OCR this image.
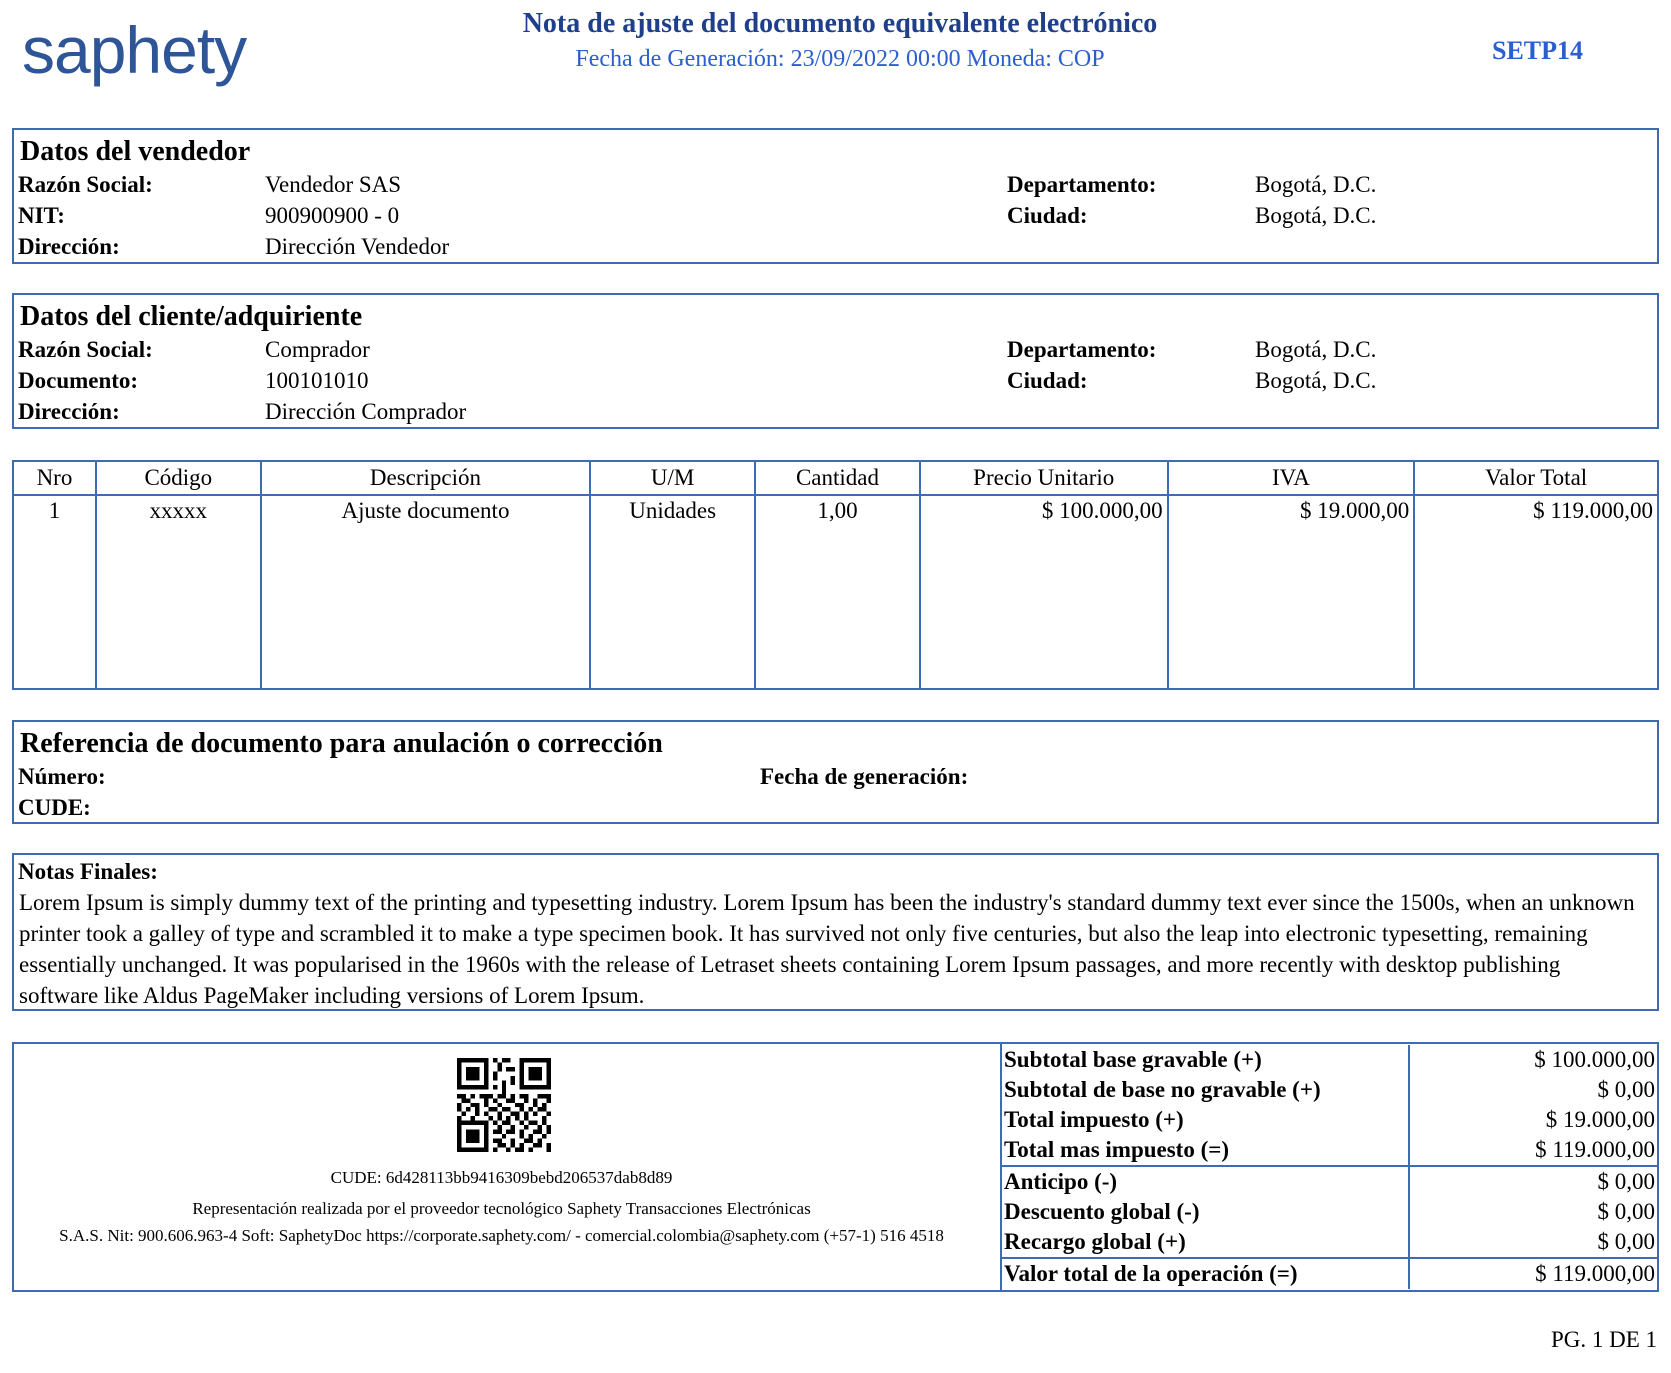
saphety	Nota de ajuste del documento equivalente electrónico
Fecha de Generación: 23/09/2022 00:00 Moneda: COP	SETP14
Datos del vendedor
Razón Social:	Vendedor SAS
NIT:	900900900 - 0
Dirección:	Dirección Vendedor
Departamento:	Bogotá, D.C.
Ciudad:	Bogotá, D.C.
Datos del cliente/adquiriente
Razón Social:	Comprador
Documento:	100101010
Dirección:	Dirección Comprador
Departamento:	Bogotá, D.C.
Ciudad:	Bogotá, D.C.
Nro	Código	Descripción	U/M	Cantidad	Precio Unitario	IVA	Valor Total
1	xxxxx	Ajuste documento	Unidades	1,00	$ 100.000,00	$ 19.000,00	$ 119.000,00
Referencia de documento para anulación o corrección
Número:	Fecha de generación:
CUDE:
Notas Finales:
Lorem Ipsum is simply dummy text of the printing and typesetting industry. Lorem Ipsum has been the industry's standard dummy text ever since the 1500s, when an unknown printer took a galley of type and scrambled it to make a type specimen book. It has survived not only five centuries, but also the leap into electronic typesetting, remaining essentially unchanged. It was popularised in the 1960s with the release of Letraset sheets containing Lorem Ipsum passages, and more recently with desktop publishing software like Aldus PageMaker including versions of Lorem Ipsum.
CUDE: 6d428113bb9416309bebd206537dab8d89
Representación realizada por el proveedor tecnológico Saphety Transacciones Electrónicas
S.A.S. Nit: 900.606.963-4 Soft: SaphetyDoc https://corporate.saphety.com/ - comercial.colombia@saphety.com (+57-1) 516 4518
Subtotal base gravable (+)	$ 100.000,00
Subtotal de base no gravable (+)	$ 0,00
Total impuesto (+)	$ 19.000,00
Total mas impuesto (=)	$ 119.000,00
Anticipo (-)	$ 0,00
Descuento global (-)	$ 0,00
Recargo global (+)	$ 0,00
Valor total de la operación (=)	$ 119.000,00
PG. 1 DE 1
